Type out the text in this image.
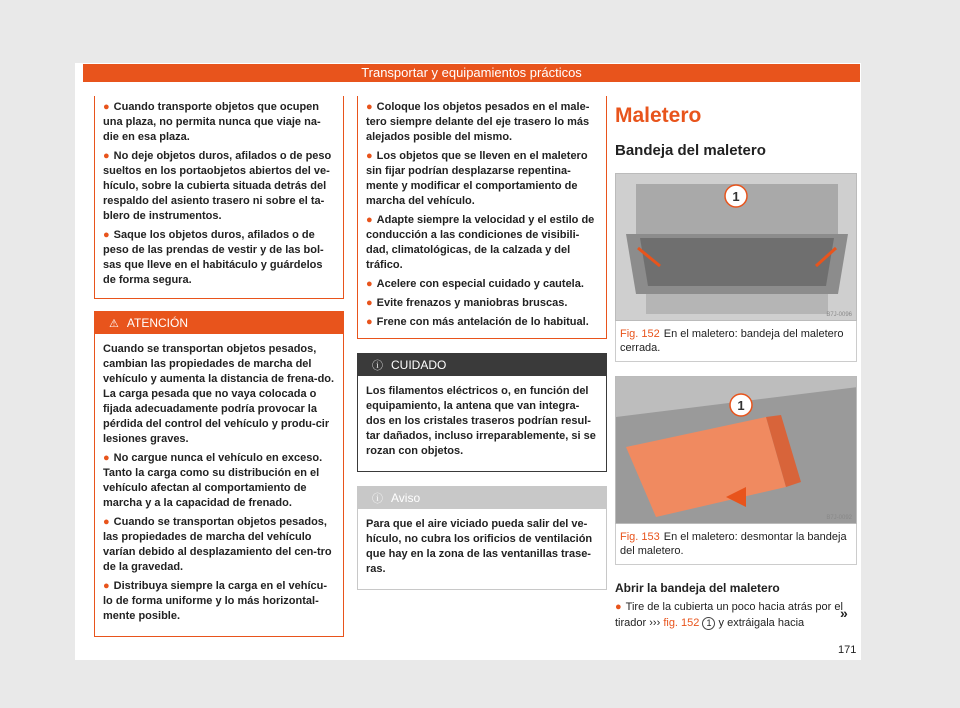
Transportar y equipamientos prácticos

● Cuando transporte objetos que ocupen una plaza, no permita nunca que viaje na-die en esa plaza.

● No deje objetos duros, afilados o de peso sueltos en los portaobjetos abiertos del ve-hículo, sobre la cubierta situada detrás del respaldo del asiento trasero ni sobre el ta-blero de instrumentos.

● Saque los objetos duros, afilados o de peso de las prendas de vestir y de las bol-sas que lleve en el habitáculo y guárdelos de forma segura.

⚠ ATENCIÓN

Cuando se transportan objetos pesados, cambian las propiedades de marcha del vehículo y aumenta la distancia de frena-do. La carga pesada que no vaya colocada o fijada adecuadamente podría provocar la pérdida del control del vehículo y produ-cir lesiones graves.

● No cargue nunca el vehículo en exceso. Tanto la carga como su distribución en el vehículo afectan al comportamiento de marcha y a la capacidad de frenado.

● Cuando se transportan objetos pesados, las propiedades de marcha del vehículo varían debido al desplazamiento del cen-tro de la gravedad.

● Distribuya siempre la carga en el vehícu-lo de forma uniforme y lo más horizontal-mente posible.

● Coloque los objetos pesados en el male-tero siempre delante del eje trasero lo más alejados posible del mismo.

● Los objetos que se lleven en el maletero sin fijar podrían desplazarse repentina-mente y modificar el comportamiento de marcha del vehículo.

● Adapte siempre la velocidad y el estilo de conducción a las condiciones de visibili-dad, climatológicas, de la calzada y del tráfico.

● Acelere con especial cuidado y cautela.

● Evite frenazos y maniobras bruscas.

● Frene con más antelación de lo habitual.

ⓘ CUIDADO

Los filamentos eléctricos o, en función del equipamiento, la antena que van integra-dos en los cristales traseros podrían resul-tar dañados, incluso irreparablemente, si se rozan con objetos.

ⓘ Aviso

Para que el aire viciado pueda salir del ve-hículo, no cubra los orificios de ventilación que hay en la zona de las ventanillas trase-ras.

Maletero
Bandeja del maletero
1
B7J-0096
Fig. 152 En el maletero: bandeja del maletero cerrada.
1
B7J-0092
Fig. 153 En el maletero: desmontar la bandeja del maletero.
Abrir la bandeja del maletero

● Tire de la cubierta un poco hacia atrás por el tirador ››› fig. 152 1 y extráigala hacia

»
171
